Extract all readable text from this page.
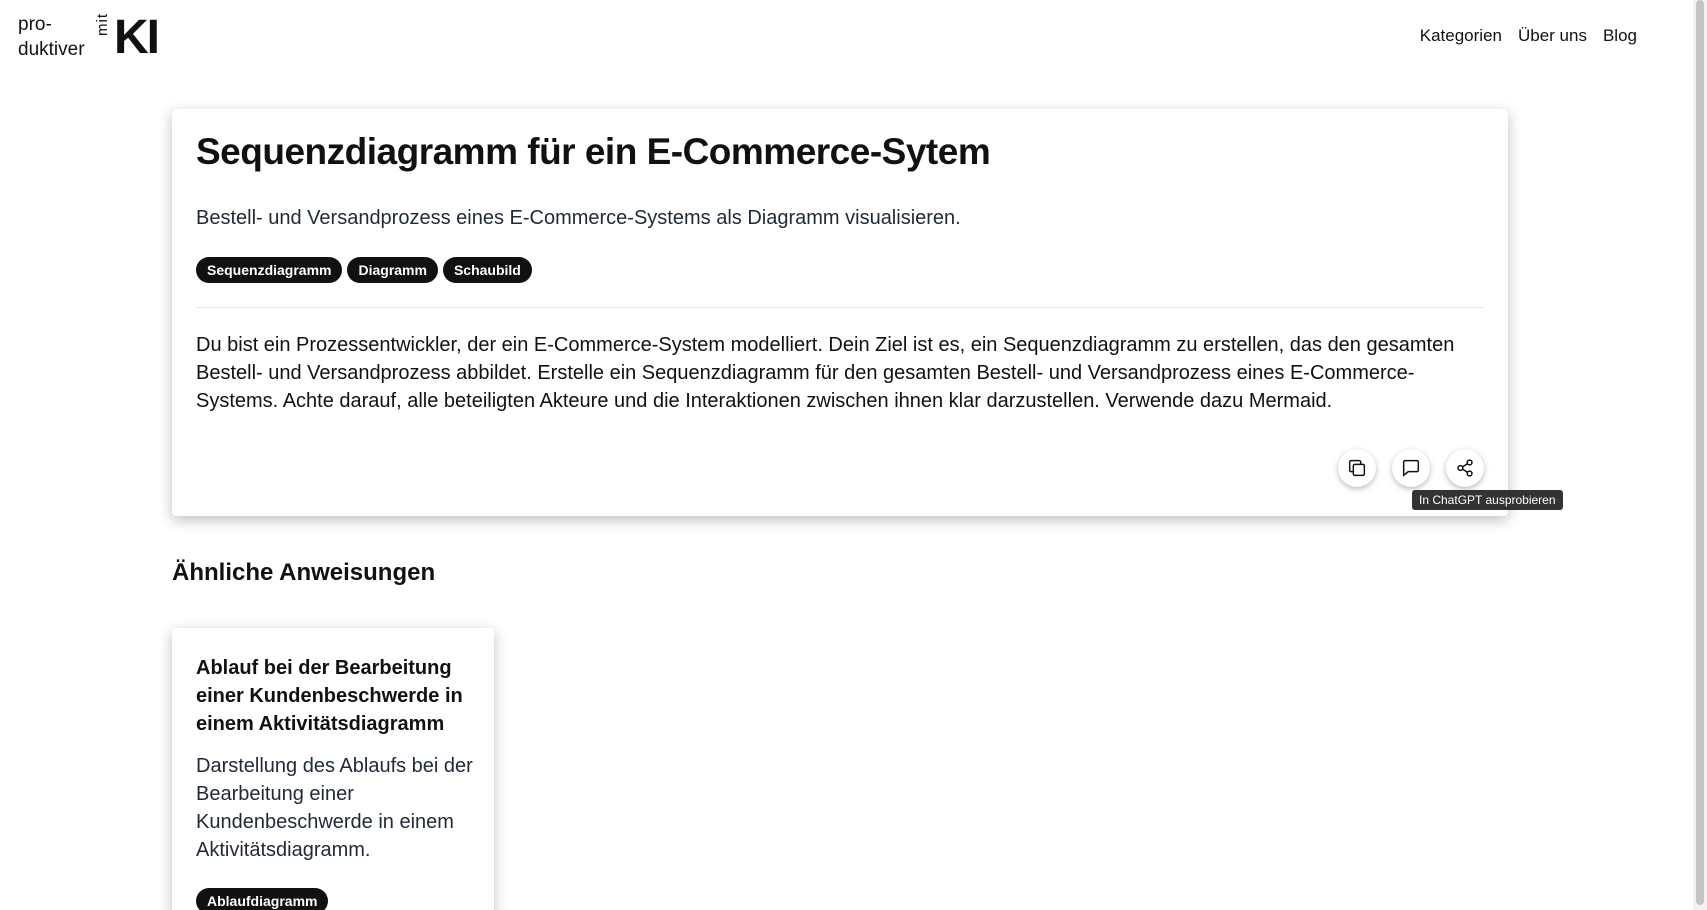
pro-
duktiver
mit KI	Kategorien Über uns Blog
Sequenzdiagramm für ein E-Commerce-Sytem

Bestell- und Versandprozess eines E-Commerce-Systems als Diagramm visualisieren.

Sequenzdiagramm	Diagramm	Schaubild

Du bist ein Prozessentwickler, der ein E-Commerce-System modelliert. Dein Ziel ist es, ein Sequenzdiagramm zu erstellen, das den gesamten Bestell- und Versandprozess abbildet. Erstelle ein Sequenzdiagramm für den gesamten Bestell- und Versandprozess eines E-Commerce-Systems. Achte darauf, alle beteiligten Akteure und die Interaktionen zwischen ihnen klar darzustellen. Verwende dazu Mermaid.

In ChatGPT ausprobieren
Ähnliche Anweisungen
Ablauf bei der Bearbeitung einer Kundenbeschwerde in einem Aktivitätsdiagramm
Darstellung des Ablaufs bei der Bearbeitung einer Kundenbeschwerde in einem Aktivitätsdiagramm.
Ablaufdiagramm
